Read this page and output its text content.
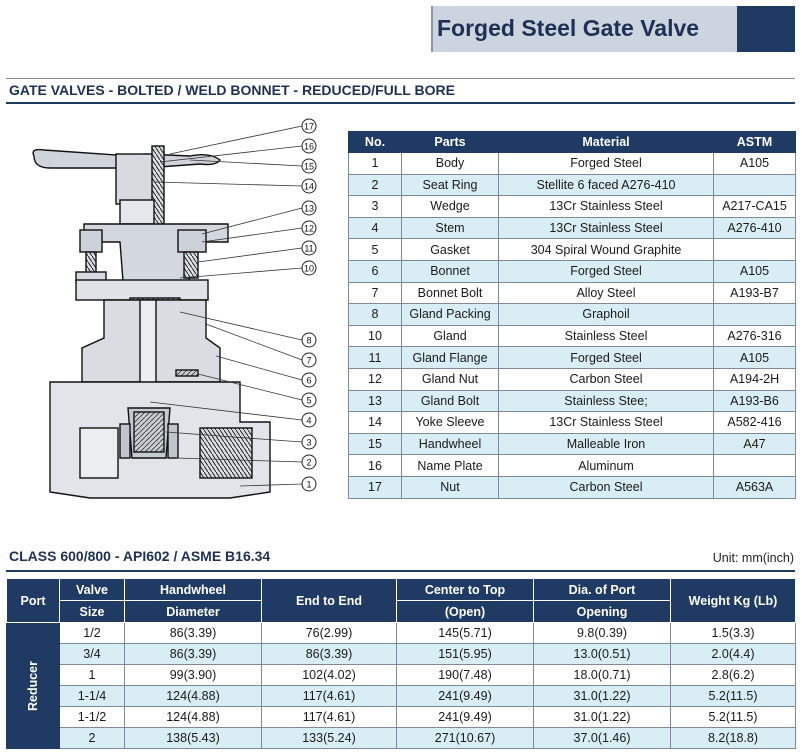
Forged Steel Gate Valve
GATE VALVES - BOLTED / WELD BONNET - REDUCED/FULL BORE
17
16
15
14
13
12
11
10
8
7
6
5
4
3
2
1
No.	Parts	Material	ASTM
1	Body	Forged Steel	A105
2	Seat Ring	Stellite 6 faced A276-410	
3	Wedge	13Cr Stainless Steel	A217-CA15
4	Stem	13Cr Stainless Steel	A276-410
5	Gasket	304 Spiral Wound Graphite	
6	Bonnet	Forged Steel	A105
7	Bonnet Bolt	Alloy Steel	A193-B7
8	Gland Packing	Graphoil	
10	Gland	Stainless Steel	A276-316
11	Gland Flange	Forged Steel	A105
12	Gland Nut	Carbon Steel	A194-2H
13	Gland Bolt	Stainless Stee;	A193-B6
14	Yoke Sleeve	13Cr Stainless Steel	A582-416
15	Handwheel	Malleable Iron	A47
16	Name Plate	Aluminum	
17	Nut	Carbon Steel	A563A
CLASS 600/800 - API602 / ASME B16.34	Unit: mm(inch)
Port	Valve	Handwheel	End to End	Center to Top	Dia. of Port	Weight Kg (Lb)
	Size	Diameter		(Open)	Opening	
Reducer	1/2	86(3.39)	76(2.99)	145(5.71)	9.8(0.39)	1.5(3.3)
	3/4	86(3.39)	86(3.39)	151(5.95)	13.0(0.51)	2.0(4.4)
	1	99(3.90)	102(4.02)	190(7.48)	18.0(0.71)	2.8(6.2)
	1-1/4	124(4.88)	117(4.61)	241(9.49)	31.0(1.22)	5.2(11.5)
	1-1/2	124(4.88)	117(4.61)	241(9.49)	31.0(1.22)	5.2(11.5)
	2	138(5.43)	133(5.24)	271(10.67)	37.0(1.46)	8.2(18.8)
